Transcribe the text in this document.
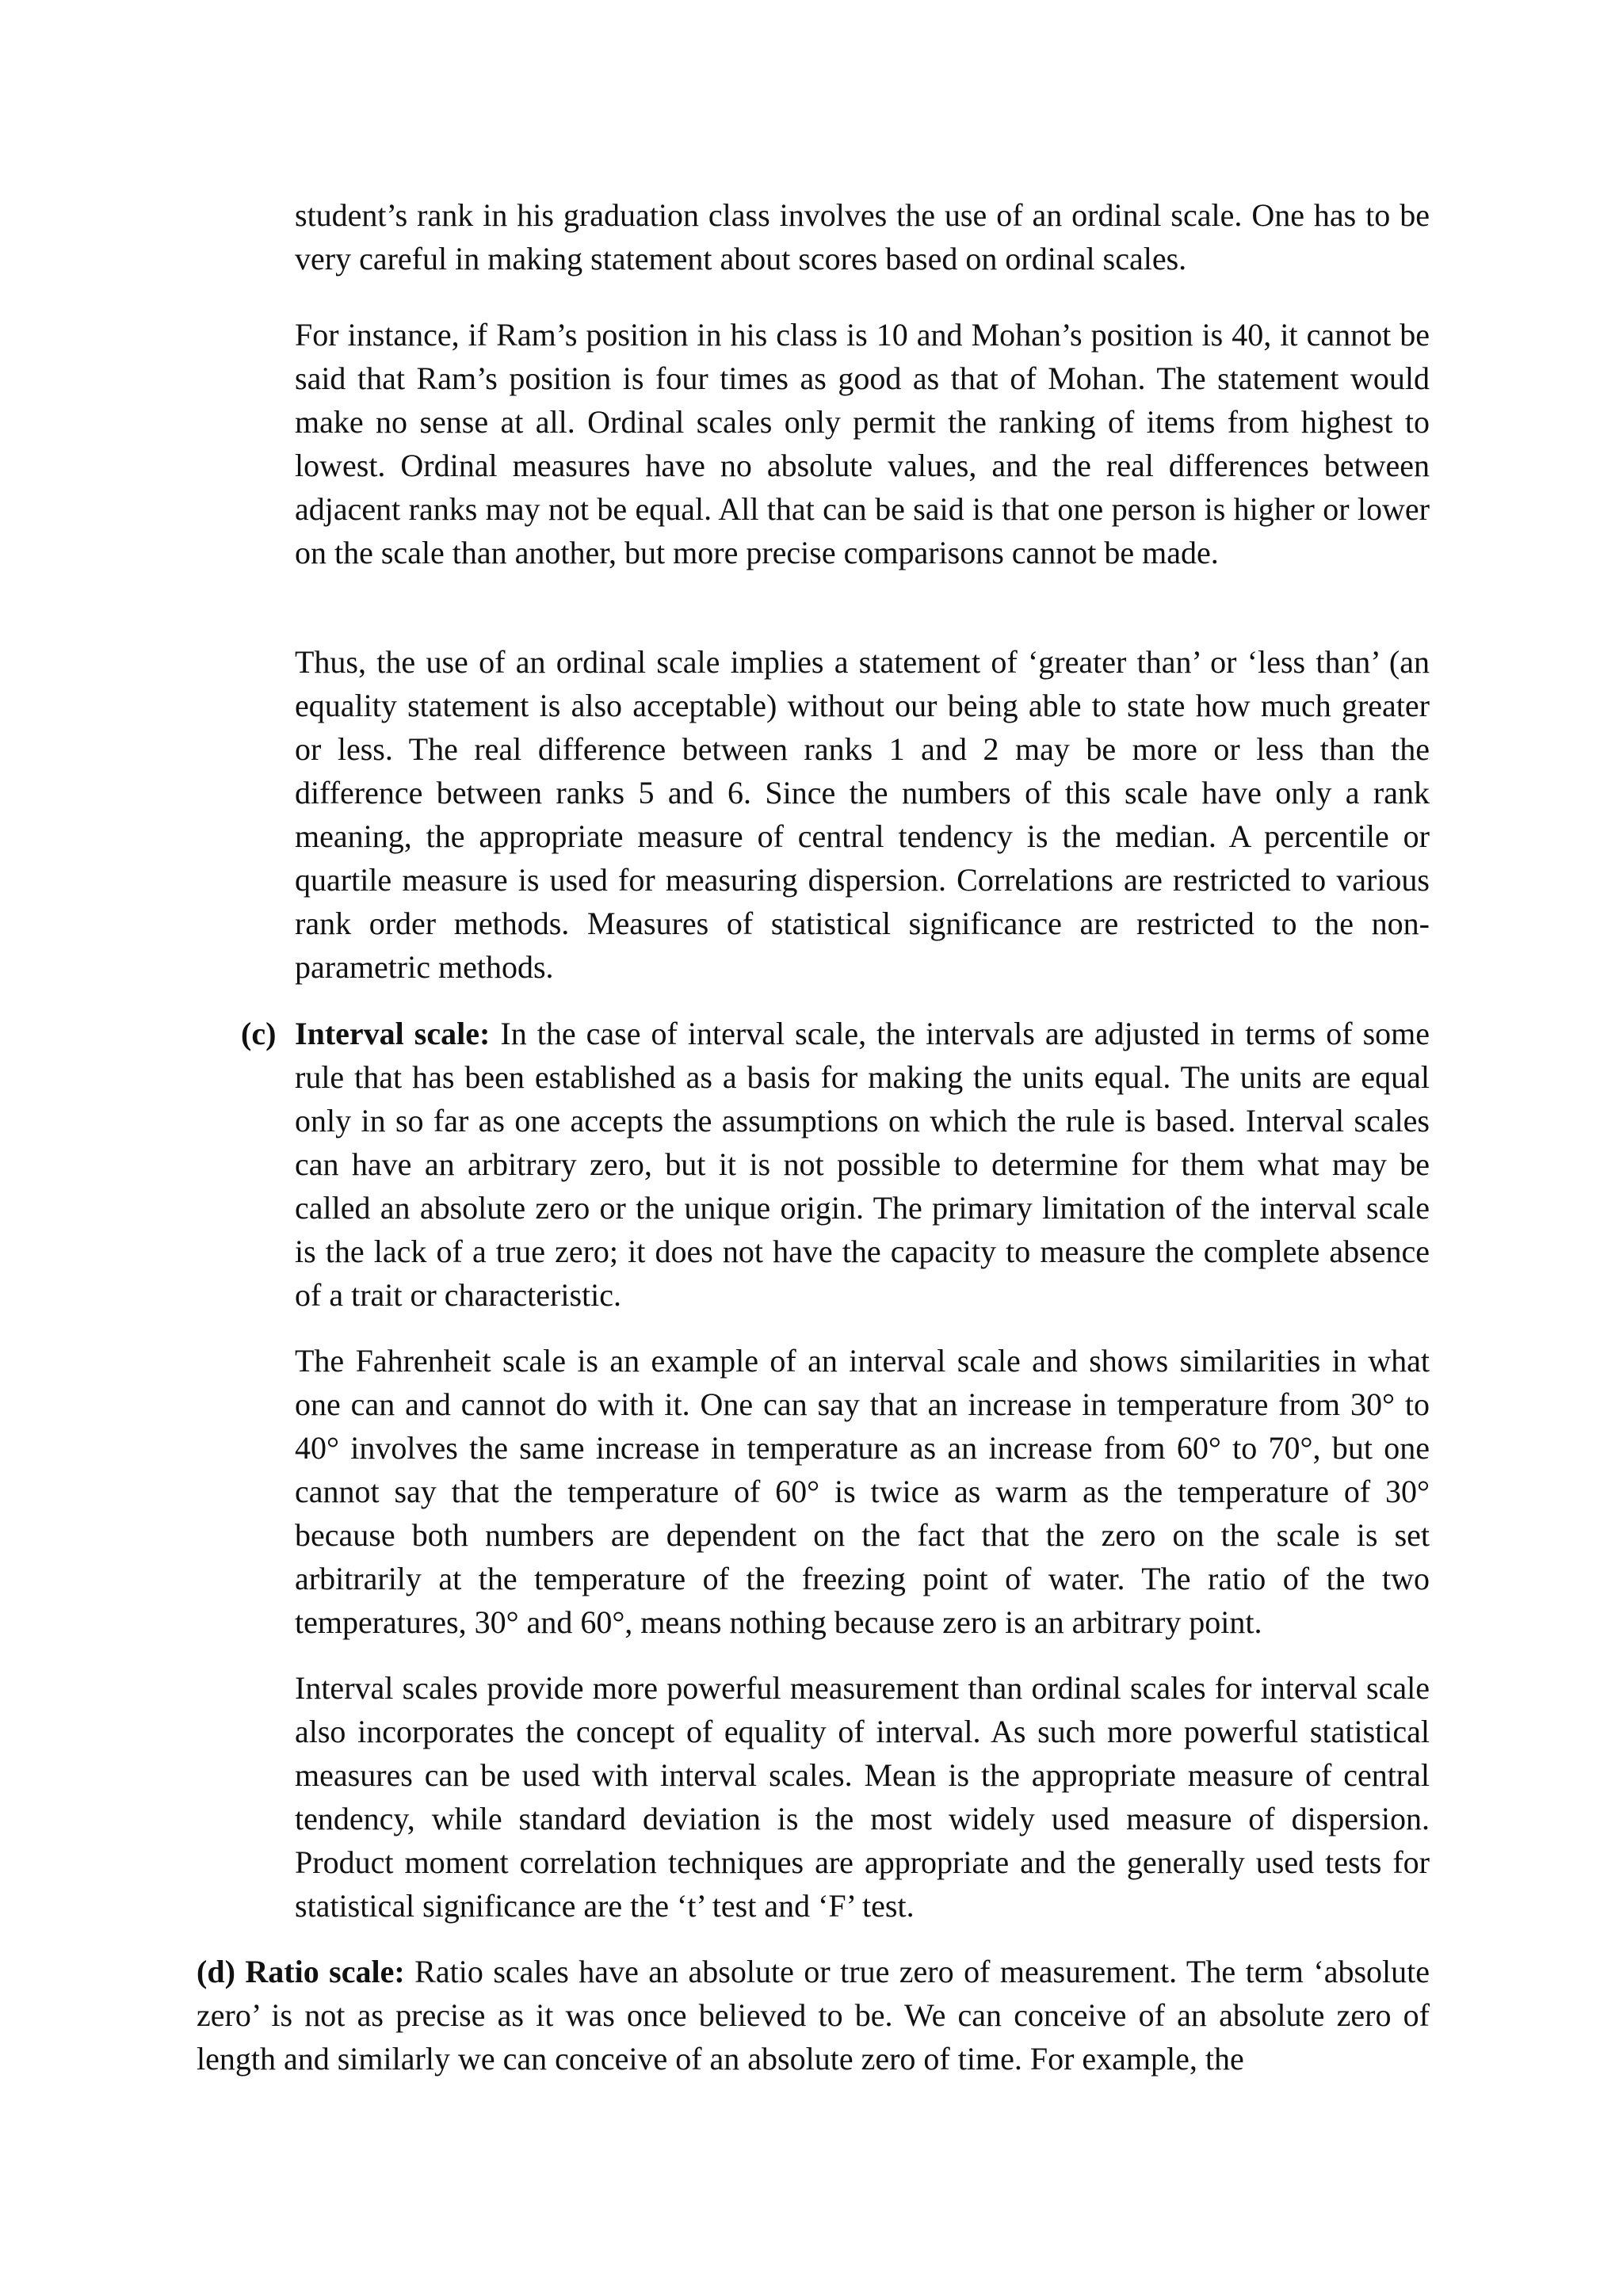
student’s rank in his graduation class involves the use of an ordinal scale. One has to be very careful in making statement about scores based on ordinal scales.

For instance, if Ram’s position in his class is 10 and Mohan’s position is 40, it cannot be said that Ram’s position is four times as good as that of Mohan. The statement would make no sense at all. Ordinal scales only permit the ranking of items from highest to lowest. Ordinal measures have no absolute values, and the real differences between adjacent ranks may not be equal. All that can be said is that one person is higher or lower on the scale than another, but more precise comparisons cannot be made.

Thus, the use of an ordinal scale implies a statement of ‘greater than’ or ‘less than’ (an equality statement is also acceptable) without our being able to state how much greater or less. The real difference between ranks 1 and 2 may be more or less than the difference between ranks 5 and 6. Since the numbers of this scale have only a rank meaning, the appropriate measure of central tendency is the median. A percentile or quartile measure is used for measuring dispersion. Correlations are restricted to various rank order methods. Measures of statistical significance are restricted to the non-parametric methods.

(c) Interval scale: In the case of interval scale, the intervals are adjusted in terms of some rule that has been established as a basis for making the units equal. The units are equal only in so far as one accepts the assumptions on which the rule is based. Interval scales can have an arbitrary zero, but it is not possible to determine for them what may be called an absolute zero or the unique origin. The primary limitation of the interval scale is the lack of a true zero; it does not have the capacity to measure the complete absence of a trait or characteristic.

The Fahrenheit scale is an example of an interval scale and shows similarities in what one can and cannot do with it. One can say that an increase in temperature from 30° to 40° involves the same increase in temperature as an increase from 60° to 70°, but one cannot say that the temperature of 60° is twice as warm as the temperature of 30° because both numbers are dependent on the fact that the zero on the scale is set arbitrarily at the temperature of the freezing point of water. The ratio of the two temperatures, 30° and 60°, means nothing because zero is an arbitrary point.

Interval scales provide more powerful measurement than ordinal scales for interval scale also incorporates the concept of equality of interval. As such more powerful statistical measures can be used with interval scales. Mean is the appropriate measure of central tendency, while standard deviation is the most widely used measure of dispersion. Product moment correlation techniques are appropriate and the generally used tests for statistical significance are the ‘t’ test and ‘F’ test.

(d) Ratio scale: Ratio scales have an absolute or true zero of measurement. The term ‘absolute zero’ is not as precise as it was once believed to be. We can conceive of an absolute zero of length and similarly we can conceive of an absolute zero of time. For example, the
